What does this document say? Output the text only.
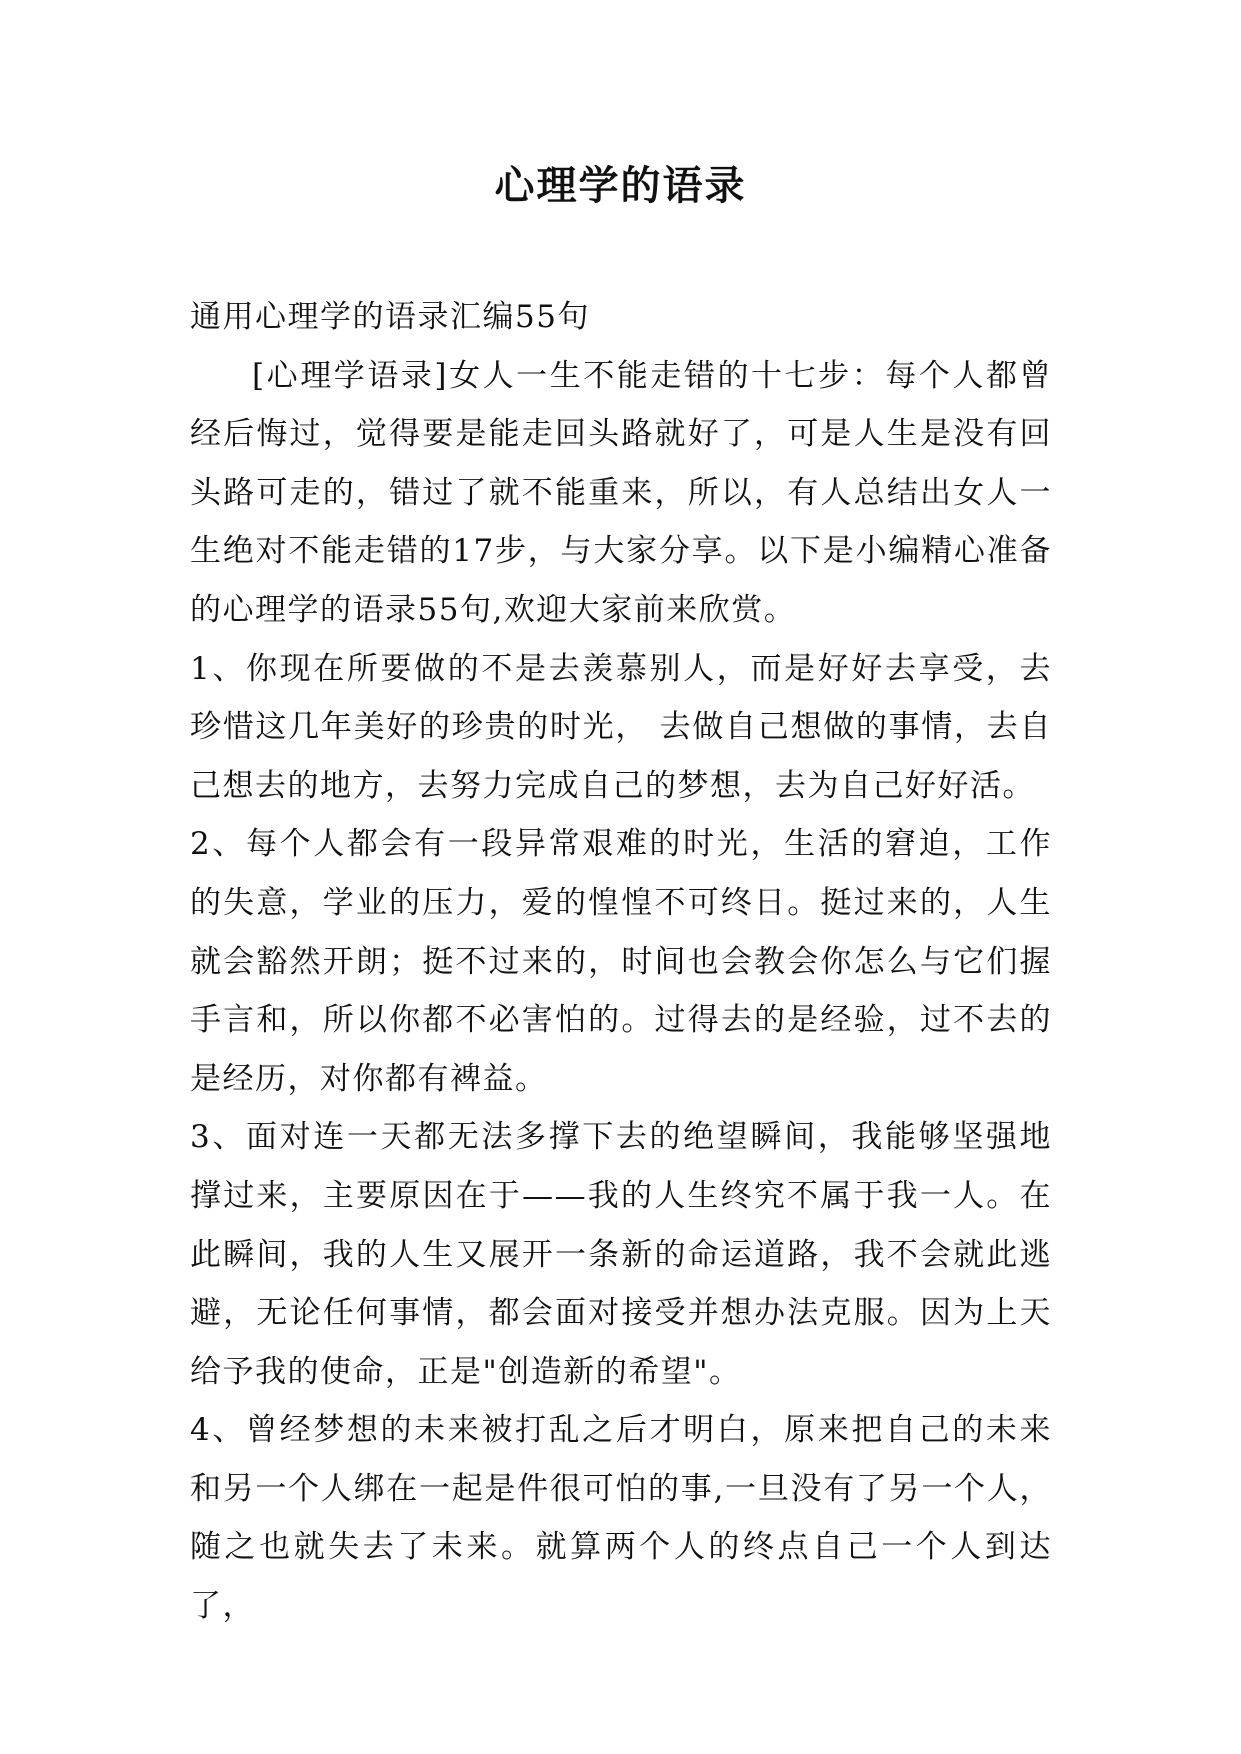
心理学的语录

通用心理学的语录汇编55句

[心理学语录]女人一生不能走错的十七步：每个人都曾经后悔过，觉得要是能走回头路就好了，可是人生是没有回头路可走的，错过了就不能重来，所以，有人总结出女人一生绝对不能走错的17步，与大家分享。以下是小编精心准备的心理学的语录55句,欢迎大家前来欣赏。

1、你现在所要做的不是去羡慕别人，而是好好去享受，去珍惜这几年美好的珍贵的时光， 去做自己想做的事情，去自己想去的地方，去努力完成自己的梦想，去为自己好好活。

2、每个人都会有一段异常艰难的时光，生活的窘迫，工作的失意，学业的压力，爱的惶惶不可终日。挺过来的，人生就会豁然开朗；挺不过来的，时间也会教会你怎么与它们握手言和，所以你都不必害怕的。过得去的是经验，过不去的是经历，对你都有裨益。

3、面对连一天都无法多撑下去的绝望瞬间，我能够坚强地撑过来，主要原因在于——我的人生终究不属于我一人。在此瞬间，我的人生又展开一条新的命运道路，我不会就此逃避，无论任何事情，都会面对接受并想办法克服。因为上天给予我的使命，正是"创造新的希望"。

4、曾经梦想的未来被打乱之后才明白，原来把自己的未来和另一个人绑在一起是件很可怕的事,一旦没有了另一个人，随之也就失去了未来。就算两个人的终点自己一个人到达了，
